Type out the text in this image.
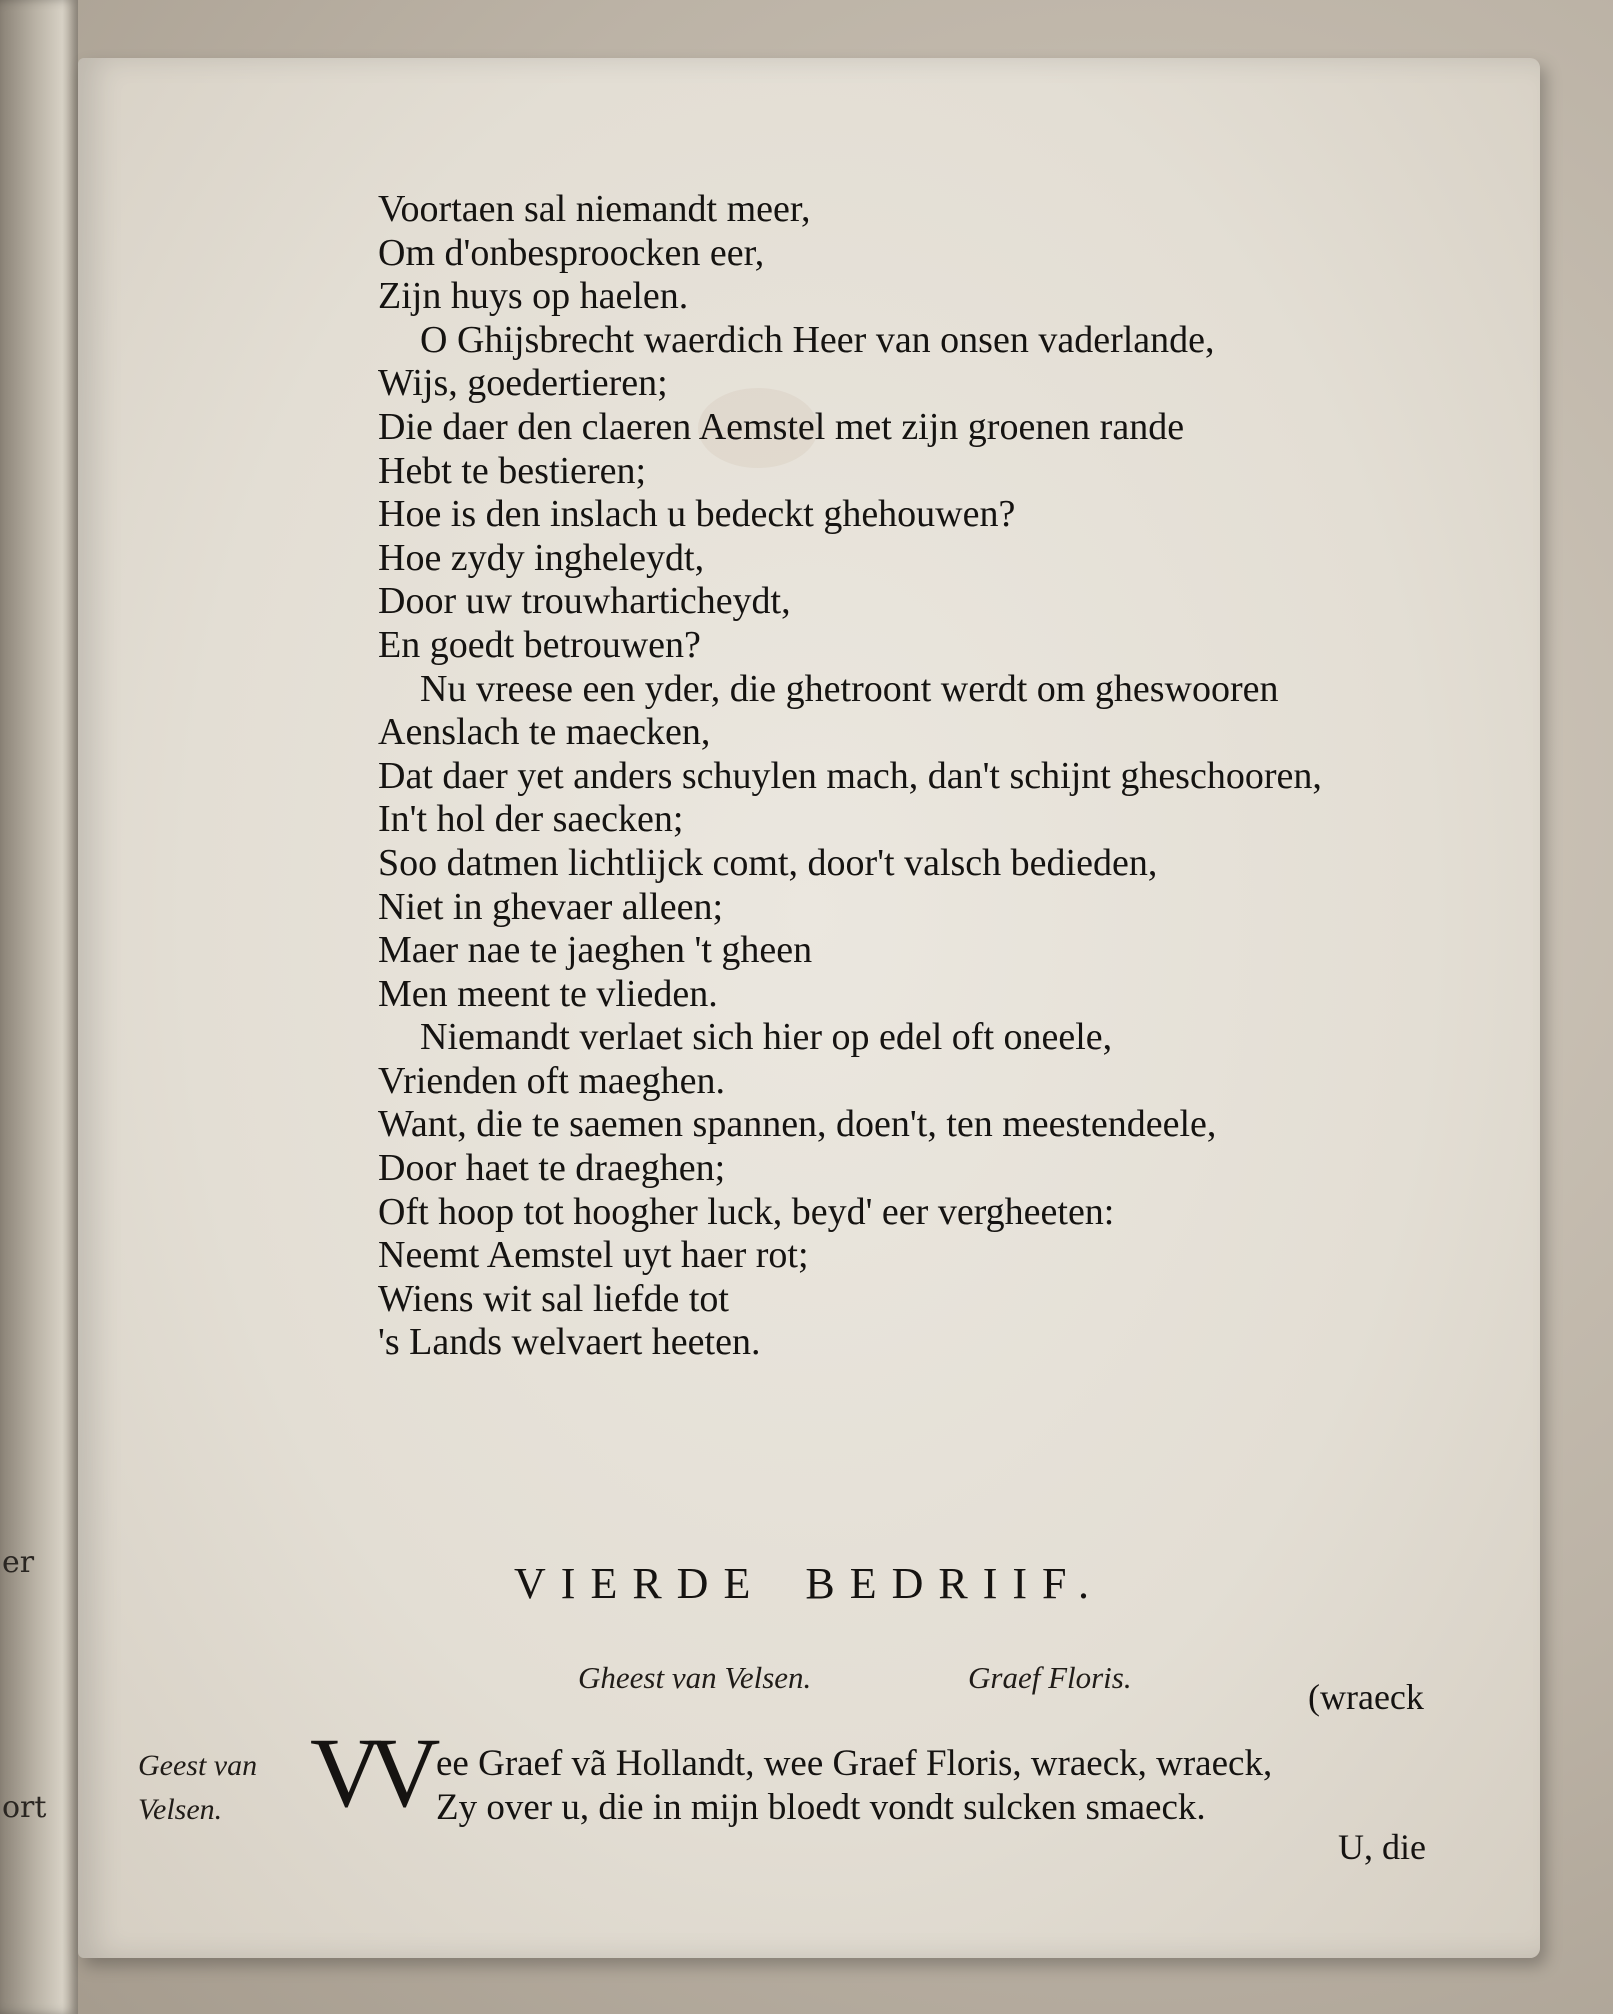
er
ort
Voortaen sal niemandt meer,
Om d'onbesproocken eer,
Zijn huys op haelen.
O Ghijsbrecht waerdich Heer van onsen vaderlande,
Wijs, goedertieren;
Die daer den claeren Aemstel met zijn groenen rande
Hebt te bestieren;
Hoe is den inslach u bedeckt ghehouwen?
Hoe zydy ingheleydt,
Door uw trouwharticheydt,
En goedt betrouwen?
Nu vreese een yder, die ghetroont werdt om gheswooren
Aenslach te maecken,
Dat daer yet anders schuylen mach, dan't schijnt gheschooren,
In't hol der saecken;
Soo datmen lichtlijck comt, door't valsch bedieden,
Niet in ghevaer alleen;
Maer nae te jaeghen 't gheen
Men meent te vlieden.
Niemandt verlaet sich hier op edel oft oneele,
Vrienden oft maeghen.
Want, die te saemen spannen, doen't, ten meestendeele,
Door haet te draeghen;
Oft hoop tot hoogher luck, beyd' eer vergheeten:
Neemt Aemstel uyt haer rot;
Wiens wit sal liefde tot
's Lands welvaert heeten.
VIERDE BEDRIIF.
Gheest van Velsen.	Graef Floris.	(wraeck
Geest van
Velsen. VV ee Graef vã Hollandt, wee Graef Floris, wraeck, wraeck,
Zy over u, die in mijn bloedt vondt sulcken smaeck.
U, die
